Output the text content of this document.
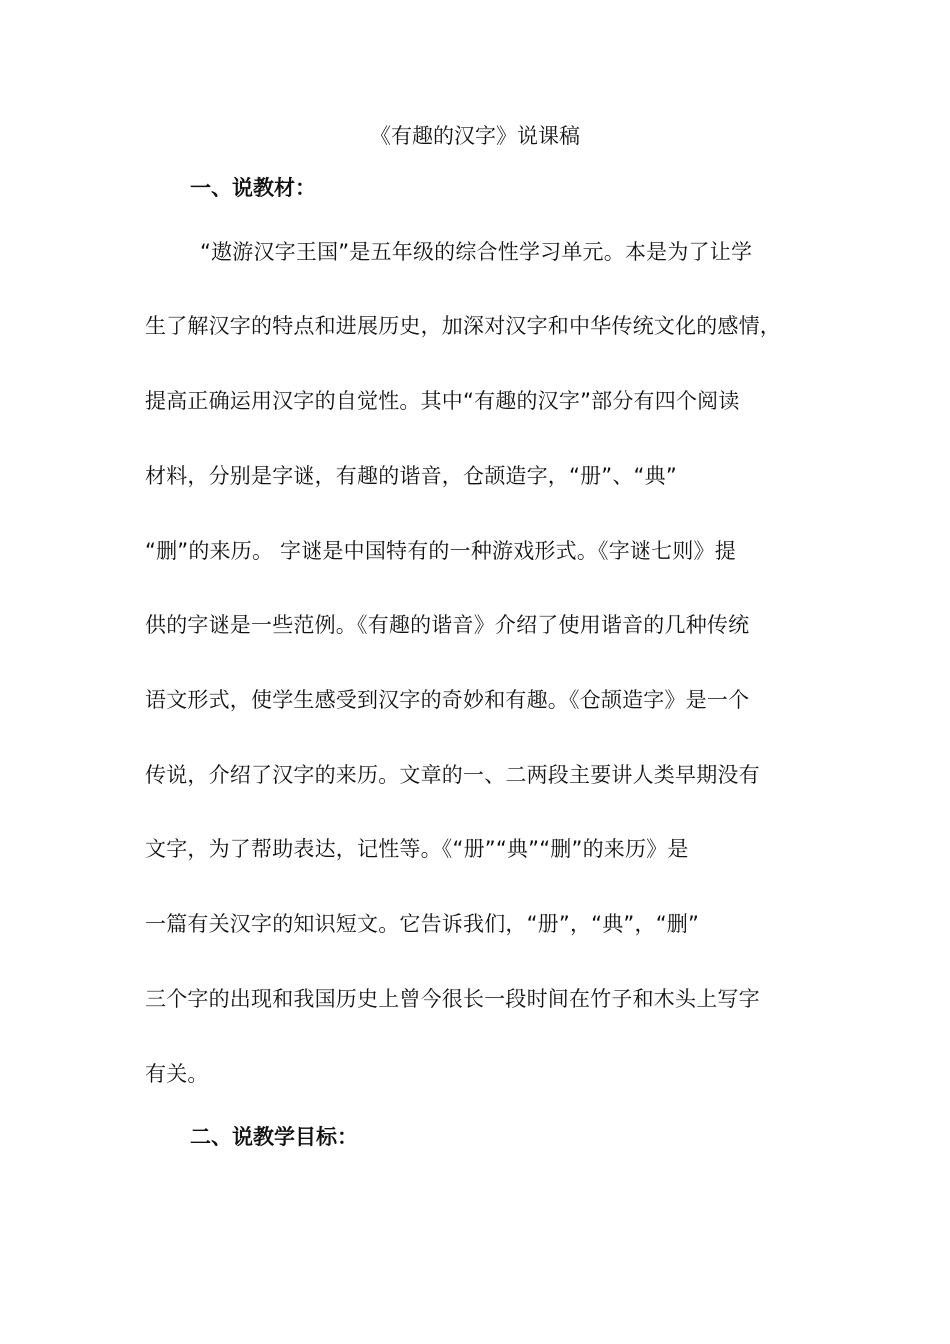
《有趣的汉字》说课稿
一、说教材：
“遨游汉字王国”是五年级的综合性学习单元。本是为了让学
生了解汉字的特点和进展历史，加深对汉字和中华传统文化的感情，
提高正确运用汉字的自觉性。其中“有趣的汉字”部分有四个阅读
材料，分别是字谜，有趣的谐音，仓颉造字，“册”、“典”
“删”的来历。 字谜是中国特有的一种游戏形式。《字谜七则》提
供的字谜是一些范例。《有趣的谐音》介绍了使用谐音的几种传统
语文形式，使学生感受到汉字的奇妙和有趣。《仓颉造字》是一个
传说，介绍了汉字的来历。文章的一、二两段主要讲人类早期没有
文字，为了帮助表达，记性等。《“册”“典”“删”的来历》是
一篇有关汉字的知识短文。它告诉我们，“册”，“典”，“删”
三个字的出现和我国历史上曾今很长一段时间在竹子和木头上写字
有关。
二、说教学目标：
